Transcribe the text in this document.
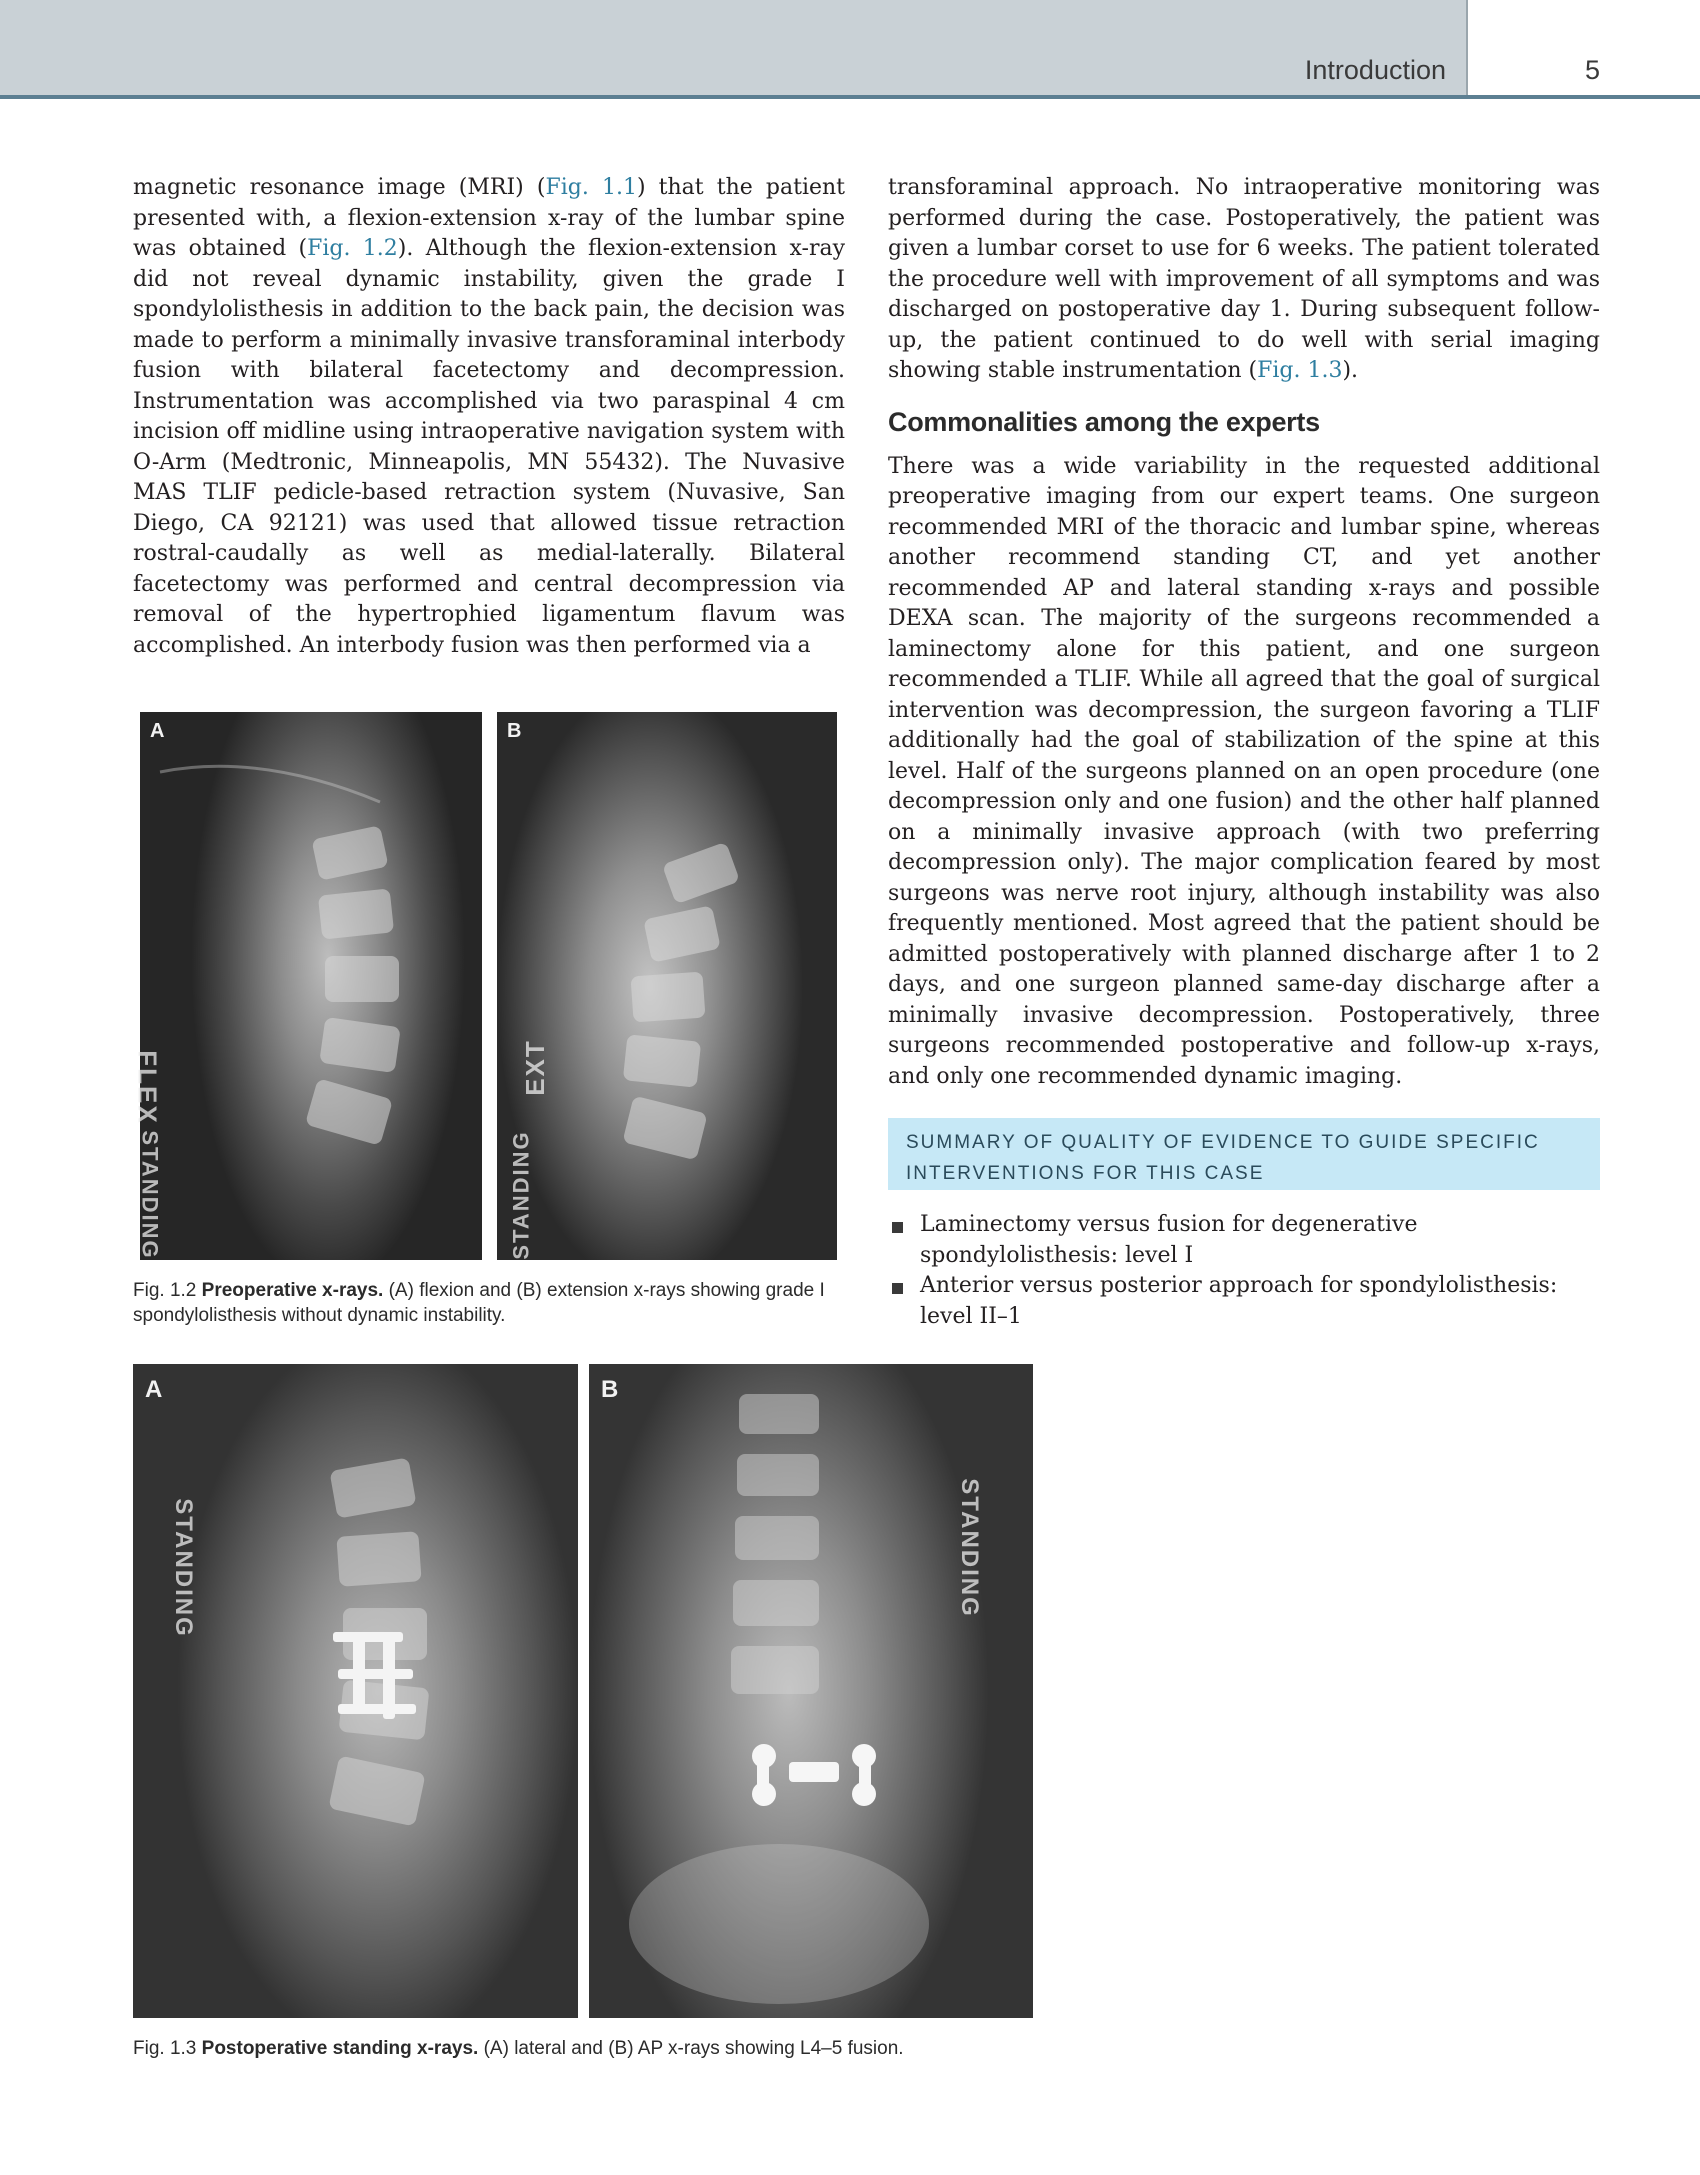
Introduction	5

magnetic resonance image (MRI) (Fig. 1.1) that the patient presented with, a flexion-extension x-ray of the lumbar spine was obtained (Fig. 1.2). Although the flexion-extension x-ray did not reveal dynamic instability, given the grade I spondylolisthesis in addition to the back pain, the decision was made to perform a minimally invasive transforaminal interbody fusion with bilateral facetectomy and decompression. Instrumentation was accomplished via two paraspinal 4 cm incision off midline using intraoperative navigation system with O-Arm (Medtronic, Minneapolis, MN 55432). The Nuvasive MAS TLIF pedicle-based retraction system (Nuvasive, San Diego, CA 92121) was used that allowed tissue retraction rostral-caudally as well as medial-laterally. Bilateral facetectomy was performed and central decompression via removal of the hypertrophied ligamentum flavum was accomplished. An interbody fusion was then performed via a

transforaminal approach. No intraoperative monitoring was performed during the case. Postoperatively, the patient was given a lumbar corset to use for 6 weeks. The patient tolerated the procedure well with improvement of all symptoms and was discharged on postoperative day 1. During subsequent follow-up, the patient continued to do well with serial imaging showing stable instrumentation (Fig. 1.3).

Commonalities among the experts

There was a wide variability in the requested additional preoperative imaging from our expert teams. One surgeon recommended MRI of the thoracic and lumbar spine, whereas another recommend standing CT, and yet another recommended AP and lateral standing x-rays and possible DEXA scan. The majority of the surgeons recommended a laminectomy alone for this patient, and one surgeon recommended a TLIF. While all agreed that the goal of surgical intervention was decompression, the surgeon favoring a TLIF additionally had the goal of stabilization of the spine at this level. Half of the surgeons planned on an open procedure (one decompression only and one fusion) and the other half planned on a minimally invasive approach (with two preferring decompression only). The major complication feared by most surgeons was nerve root injury, although instability was also frequently mentioned. Most agreed that the patient should be admitted postoperatively with planned discharge after 1 to 2 days, and one surgeon planned same-day discharge after a minimally invasive decompression. Postoperatively, three surgeons recommended postoperative and follow-up x-rays, and only one recommended dynamic imaging.

SUMMARY OF QUALITY OF EVIDENCE TO GUIDE SPECIFIC
INTERVENTIONS FOR THIS CASE
Laminectomy versus fusion for degenerative spondylolisthesis: level I
Anterior versus posterior approach for spondylolisthesis: level II–1
A
FLEX
STANDING
B
EXT
STANDING
Fig. 1.2 Preoperative x-rays. (A) flexion and (B) extension x-rays showing grade I spondylolisthesis without dynamic instability.
A
STANDING
B
STANDING
Fig. 1.3 Postoperative standing x-rays. (A) lateral and (B) AP x-rays showing L4–5 fusion.
